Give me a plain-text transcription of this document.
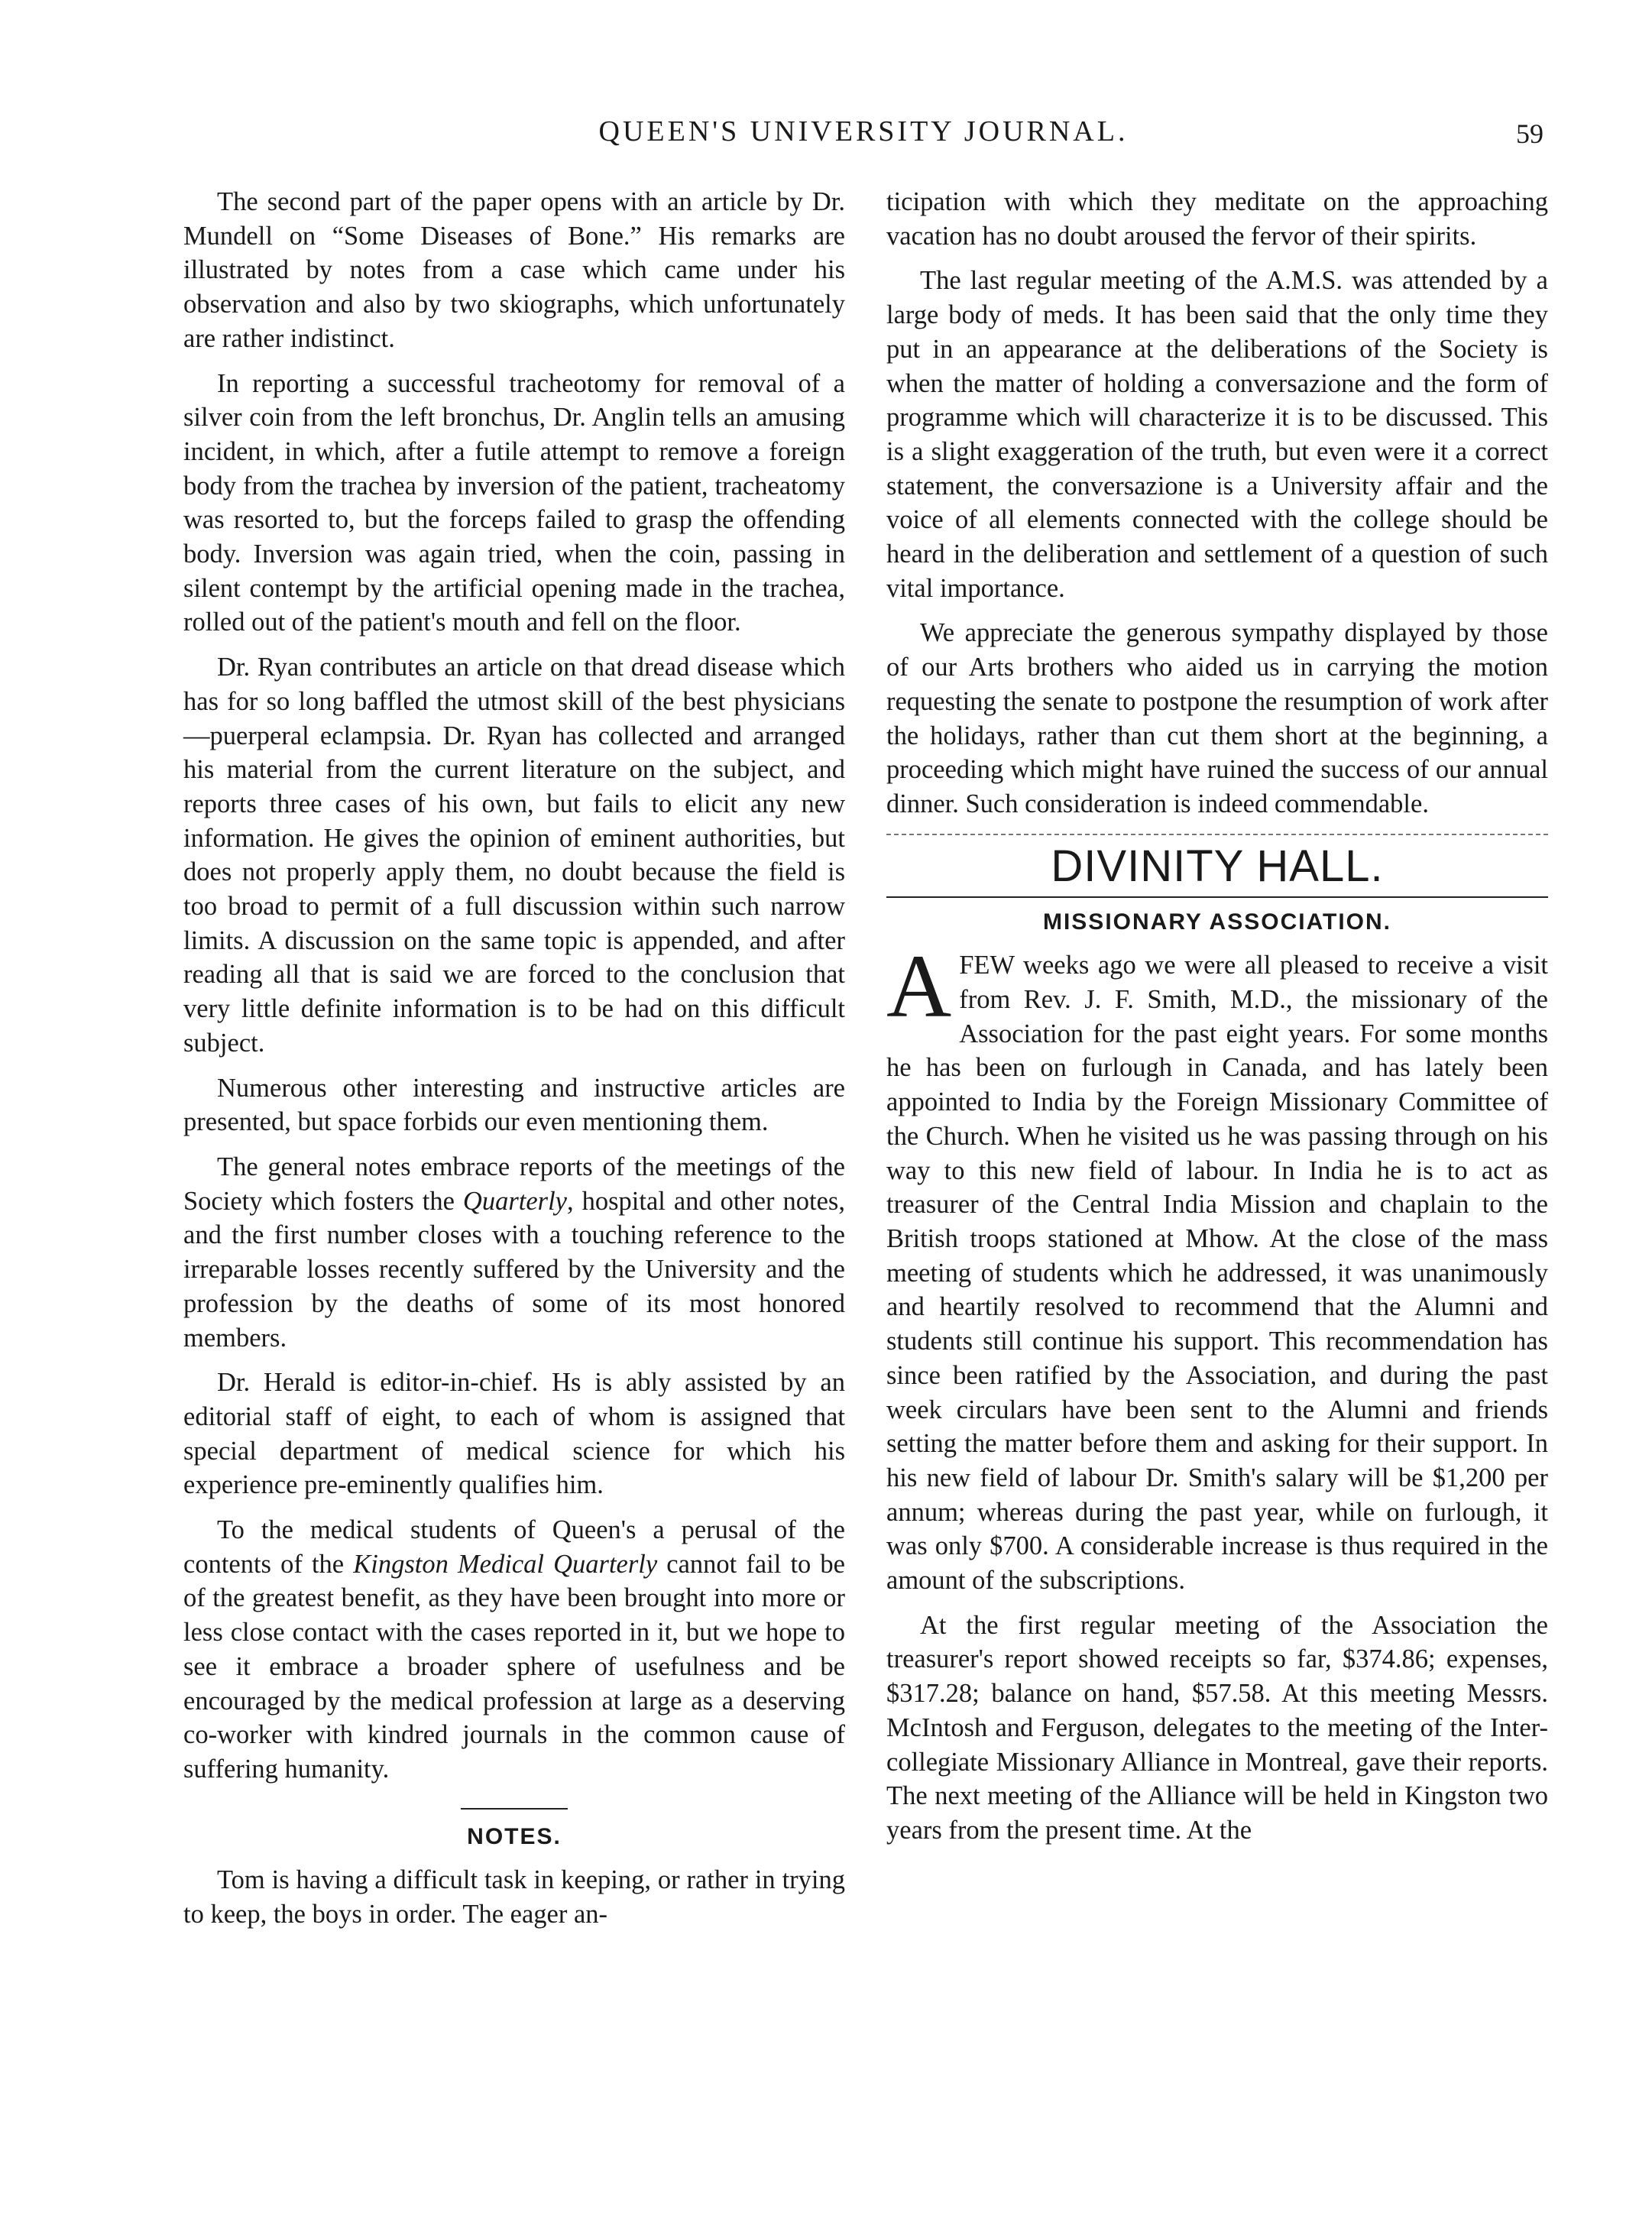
QUEEN'S UNIVERSITY JOURNAL.	59

The second part of the paper opens with an article by Dr. Mundell on “Some Diseases of Bone.” His remarks are illustrated by notes from a case which came under his observation and also by two skiographs, which unfortunately are rather indistinct.

In reporting a successful tracheotomy for removal of a silver coin from the left bronchus, Dr. Anglin tells an amusing incident, in which, after a futile attempt to remove a foreign body from the trachea by inversion of the patient, tracheatomy was resorted to, but the forceps failed to grasp the offending body. Inversion was again tried, when the coin, passing in silent contempt by the artificial opening made in the trachea, rolled out of the patient's mouth and fell on the floor.

Dr. Ryan contributes an article on that dread disease which has for so long baffled the utmost skill of the best physicians—puerperal eclampsia. Dr. Ryan has collected and arranged his material from the current literature on the subject, and reports three cases of his own, but fails to elicit any new information. He gives the opinion of eminent authorities, but does not properly apply them, no doubt because the field is too broad to permit of a full discussion within such narrow limits. A discussion on the same topic is appended, and after reading all that is said we are forced to the conclusion that very little definite information is to be had on this difficult subject.

Numerous other interesting and instructive articles are presented, but space forbids our even mentioning them.

The general notes embrace reports of the meetings of the Society which fosters the Quarterly, hospital and other notes, and the first number closes with a touching reference to the irreparable losses recently suffered by the University and the profession by the deaths of some of its most honored members.

Dr. Herald is editor-in-chief. Hs is ably assisted by an editorial staff of eight, to each of whom is assigned that special department of medical science for which his experience pre-eminently qualifies him.

To the medical students of Queen's a perusal of the contents of the Kingston Medical Quarterly cannot fail to be of the greatest benefit, as they have been brought into more or less close contact with the cases reported in it, but we hope to see it embrace a broader sphere of usefulness and be encouraged by the medical profession at large as a deserving co-worker with kindred journals in the common cause of suffering humanity.

NOTES.

Tom is having a difficult task in keeping, or rather in trying to keep, the boys in order. The eager an-

ticipation with which they meditate on the approaching vacation has no doubt aroused the fervor of their spirits.

The last regular meeting of the A.M.S. was attended by a large body of meds. It has been said that the only time they put in an appearance at the deliberations of the Society is when the matter of holding a conversazione and the form of programme which will characterize it is to be discussed. This is a slight exaggeration of the truth, but even were it a correct statement, the conversazione is a University affair and the voice of all elements connected with the college should be heard in the deliberation and settlement of a question of such vital importance.

We appreciate the generous sympathy displayed by those of our Arts brothers who aided us in carrying the motion requesting the senate to postpone the resumption of work after the holidays, rather than cut them short at the beginning, a proceeding which might have ruined the success of our annual dinner. Such consideration is indeed commendable.

DIVINITY HALL.
MISSIONARY ASSOCIATION.

AFEW weeks ago we were all pleased to receive a visit from Rev. J. F. Smith, M.D., the missionary of the Association for the past eight years. For some months he has been on furlough in Canada, and has lately been appointed to India by the Foreign Missionary Committee of the Church. When he visited us he was passing through on his way to this new field of labour. In India he is to act as treasurer of the Central India Mission and chaplain to the British troops stationed at Mhow. At the close of the mass meeting of students which he addressed, it was unanimously and heartily resolved to recommend that the Alumni and students still continue his support. This recommendation has since been ratified by the Association, and during the past week circulars have been sent to the Alumni and friends setting the matter before them and asking for their support. In his new field of labour Dr. Smith's salary will be $1,200 per annum; whereas during the past year, while on furlough, it was only $700. A considerable increase is thus required in the amount of the subscriptions.

At the first regular meeting of the Association the treasurer's report showed receipts so far, $374.86; expenses, $317.28; balance on hand, $57.58. At this meeting Messrs. McIntosh and Ferguson, delegates to the meeting of the Inter-collegiate Missionary Alliance in Montreal, gave their reports. The next meeting of the Alliance will be held in Kingston two years from the present time. At the
